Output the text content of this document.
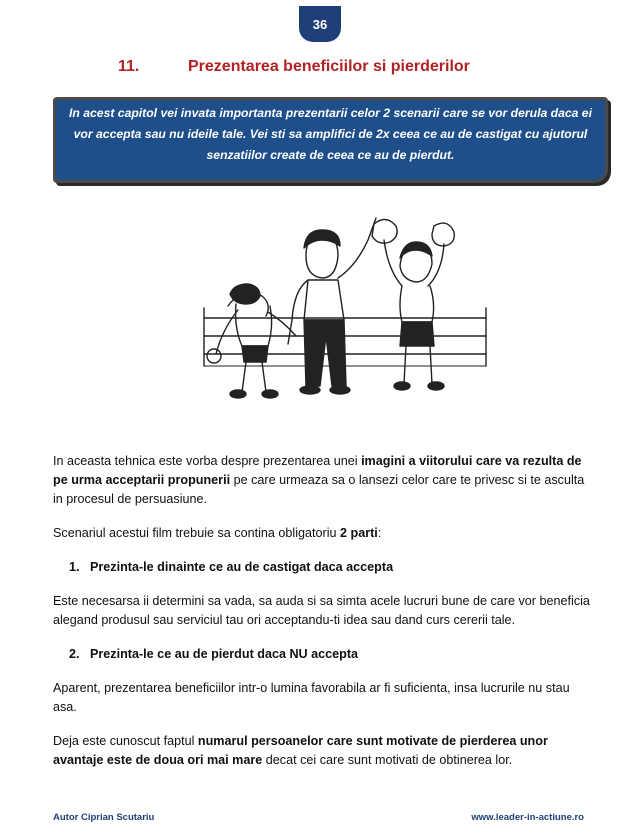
36
11.	Prezentarea beneficiilor si pierderilor
In acest capitol vei invata importanta prezentarii celor 2 scenarii care se vor derula daca ei vor accepta sau nu ideile tale. Vei sti sa amplifici de 2x ceea ce au de castigat cu ajutorul senzatiilor create de ceea ce au de pierdut.

In aceasta tehnica este vorba despre prezentarea unei imagini a viitorului care va rezulta de pe urma acceptarii propunerii pe care urmeaza sa o lansezi celor care te privesc si te asculta in procesul de persuasiune.

Scenariul acestui film trebuie sa contina obligatoriu 2 parti:

1. Prezinta-le dinainte ce au de castigat daca accepta

Este necesarsa ii determini sa vada, sa auda si sa simta acele lucruri bune de care vor beneficia alegand produsul sau serviciul tau ori acceptandu-ti idea sau dand curs cererii tale.

2. Prezinta-le ce au de pierdut daca NU accepta

Aparent, prezentarea beneficiilor intr-o lumina favorabila ar fi suficienta, insa lucrurile nu stau asa.

Deja este cunoscut faptul numarul persoanelor care sunt motivate de pierderea unor avantaje este de doua ori mai mare decat cei care sunt motivati de obtinerea lor.

Autor Ciprian Scutariu	www.leader-in-actiune.ro
